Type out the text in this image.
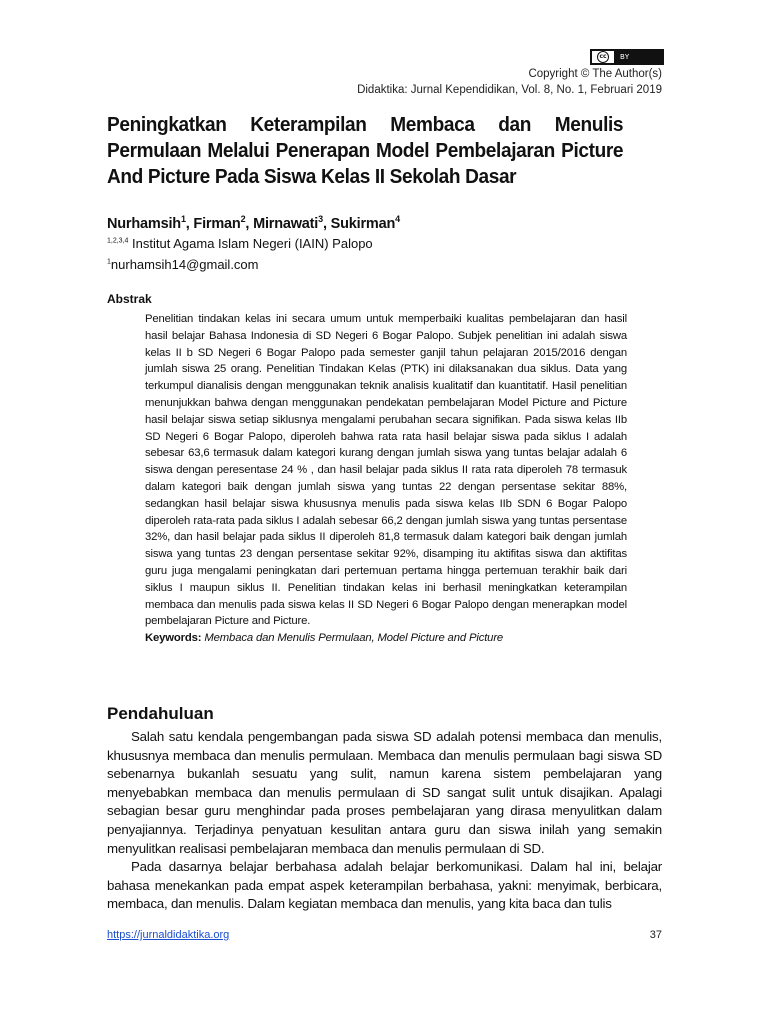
cc	BY
Copyright © The Author(s)
Didaktika: Jurnal Kependidikan, Vol. 8, No. 1, Februari 2019
Peningkatkan Keterampilan Membaca dan Menulis Permulaan Melalui Penerapan Model Pembelajaran Picture And Picture Pada Siswa Kelas II Sekolah Dasar
Nurhamsih$^1$, Firman$^2$, Mirnawati$^3$, Sukirman$^4$
$^{1,2,3,4}$ Institut Agama Islam Negeri (IAIN) Palopo
$^1$nurhamsih14@gmail.com
Abstrak
Penelitian tindakan kelas ini secara umum untuk memperbaiki kualitas pembelajaran dan hasil hasil belajar Bahasa Indonesia di SD Negeri 6 Bogar Palopo. Subjek penelitian ini adalah siswa kelas II b SD Negeri 6 Bogar Palopo pada semester ganjil tahun pelajaran 2015/2016 dengan jumlah siswa 25 orang. Penelitian Tindakan Kelas (PTK) ini dilaksanakan dua siklus. Data yang terkumpul dianalisis dengan menggunakan teknik analisis kualitatif dan kuantitatif. Hasil penelitian menunjukkan bahwa dengan menggunakan pendekatan pembelajaran Model Picture and Picture hasil belajar siswa setiap siklusnya mengalami perubahan secara signifikan. Pada siswa kelas IIb SD Negeri 6 Bogar Palopo, diperoleh bahwa rata rata hasil belajar siswa pada siklus I adalah sebesar 63,6 termasuk dalam kategori kurang dengan jumlah siswa yang tuntas belajar adalah 6 siswa dengan peresentase 24 % , dan hasil belajar pada siklus II rata rata diperoleh 78 termasuk dalam kategori baik dengan jumlah siswa yang tuntas 22 dengan persentase sekitar 88%, sedangkan hasil belajar siswa khususnya menulis pada siswa kelas IIb SDN 6 Bogar Palopo diperoleh rata-rata pada siklus I adalah sebesar 66,2 dengan jumlah siswa yang tuntas persentase 32%, dan hasil belajar pada siklus II diperoleh 81,8 termasuk dalam kategori baik dengan jumlah siswa yang tuntas 23 dengan persentase sekitar 92%, disamping itu aktifitas siswa dan aktifitas guru juga mengalami peningkatan dari pertemuan pertama hingga pertemuan terakhir baik dari siklus I maupun siklus II. Penelitian tindakan kelas ini berhasil meningkatkan keterampilan membaca dan menulis pada siswa kelas II SD Negeri 6 Bogar Palopo dengan menerapkan model pembelajaran Picture and Picture.
Keywords: Membaca dan Menulis Permulaan, Model Picture and Picture
Pendahuluan

Salah satu kendala pengembangan pada siswa SD adalah potensi membaca dan menulis, khususnya membaca dan menulis permulaan. Membaca dan menulis permulaan bagi siswa SD sebenarnya bukanlah sesuatu yang sulit, namun karena sistem pembelajaran yang menyebabkan membaca dan menulis permulaan di SD sangat sulit untuk disajikan. Apalagi sebagian besar guru menghindar pada proses pembelajaran yang dirasa menyulitkan dalam penyajiannya. Terjadinya penyatuan kesulitan antara guru dan siswa inilah yang semakin menyulitkan realisasi pembelajaran membaca dan menulis permulaan di SD.

Pada dasarnya belajar berbahasa adalah belajar berkomunikasi. Dalam hal ini, belajar bahasa menekankan pada empat aspek keterampilan berbahasa, yakni: menyimak, berbicara, membaca, dan menulis. Dalam kegiatan membaca dan menulis, yang kita baca dan tulis

https://jurnaldidaktika.org	37
